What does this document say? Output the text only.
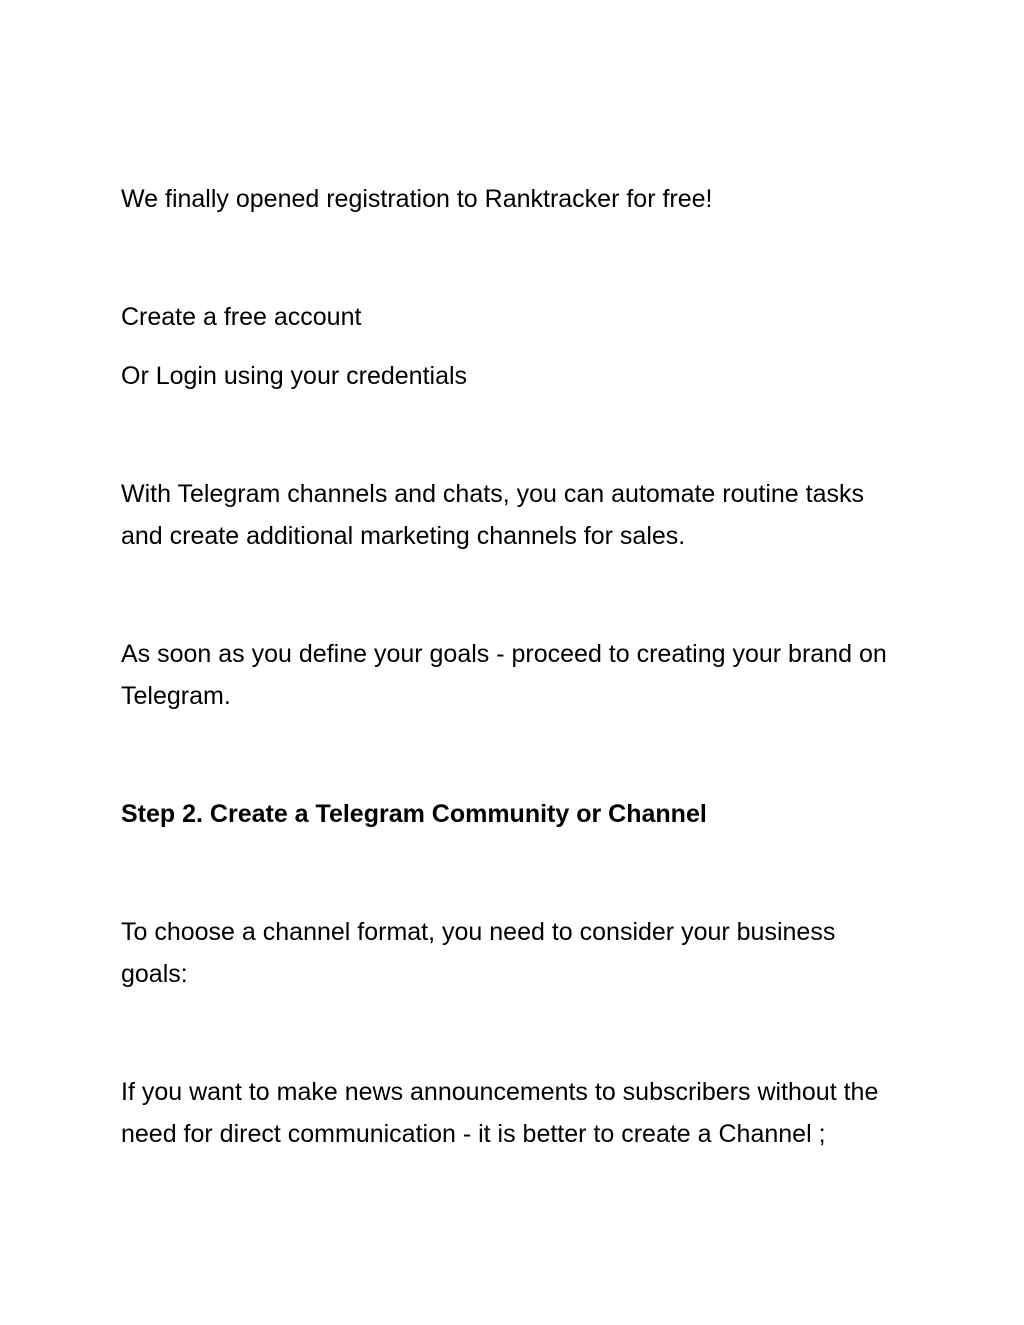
We finally opened registration to Ranktracker for free!
Create a free account
Or Login using your credentials
With Telegram channels and chats, you can automate routine tasks and create additional marketing channels for sales.
As soon as you define your goals - proceed to creating your brand on Telegram.
Step 2. Create a Telegram Community or Channel
To choose a channel format, you need to consider your business goals:
If you want to make news announcements to subscribers without the need for direct communication - it is better to create a Channel ;
